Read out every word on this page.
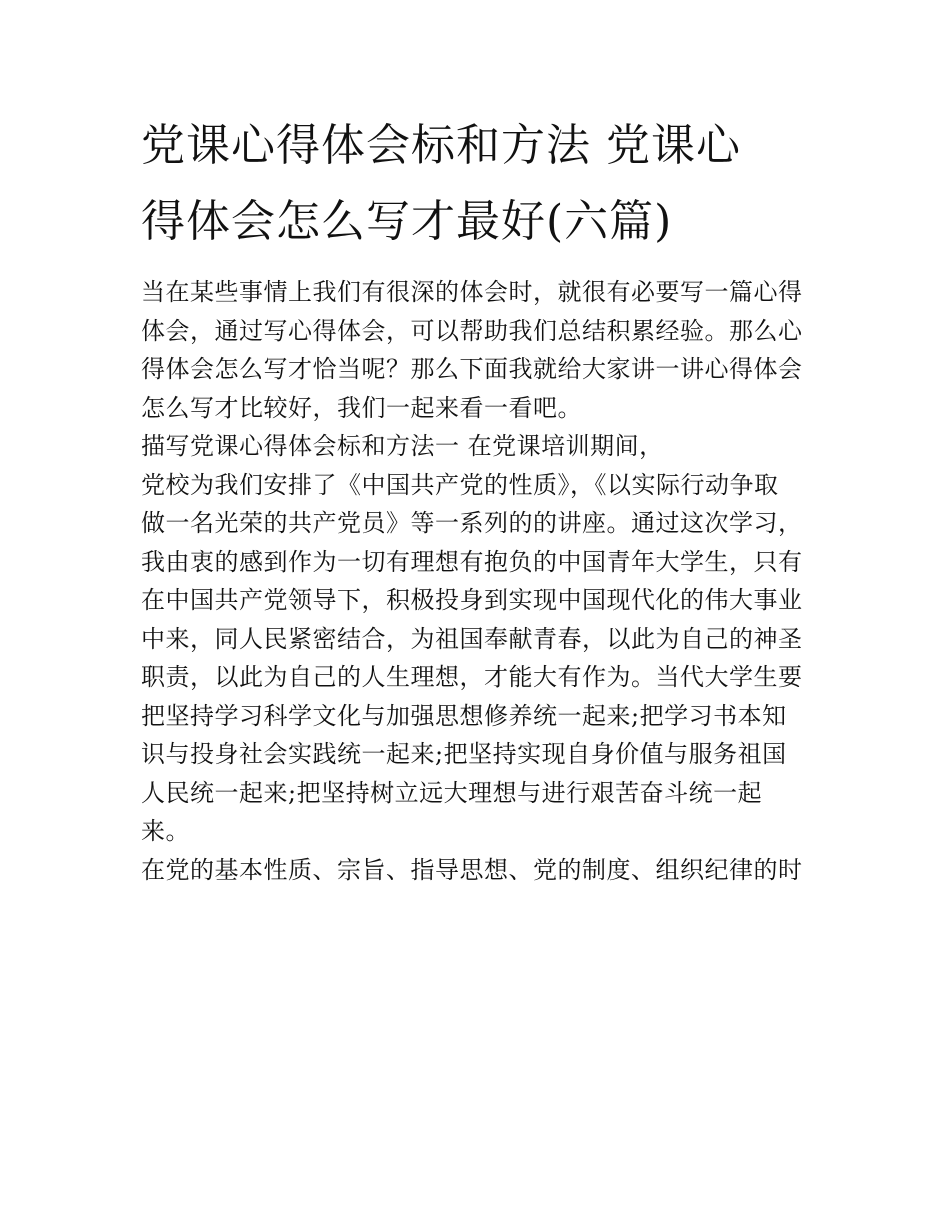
党课心得体会标和方法 党课心
得体会怎么写才最好(六篇)
当在某些事情上我们有很深的体会时，就很有必要写一篇心得
体会，通过写心得体会，可以帮助我们总结积累经验。那么心
得体会怎么写才恰当呢？那么下面我就给大家讲一讲心得体会
怎么写才比较好，我们一起来看一看吧。
描写党课心得体会标和方法一 在党课培训期间，
党校为我们安排了《中国共产党的性质》，《以实际行动争取
做一名光荣的共产党员》等一系列的的讲座。通过这次学习，
我由衷的感到作为一切有理想有抱负的中国青年大学生，只有
在中国共产党领导下，积极投身到实现中国现代化的伟大事业
中来，同人民紧密结合，为祖国奉献青春，以此为自己的神圣
职责，以此为自己的人生理想，才能大有作为。当代大学生要
把坚持学习科学文化与加强思想修养统一起来;把学习书本知
识与投身社会实践统一起来;把坚持实现自身价值与服务祖国
人民统一起来;把坚持树立远大理想与进行艰苦奋斗统一起
来。
在党的基本性质、宗旨、指导思想、党的制度、组织纪律的时
